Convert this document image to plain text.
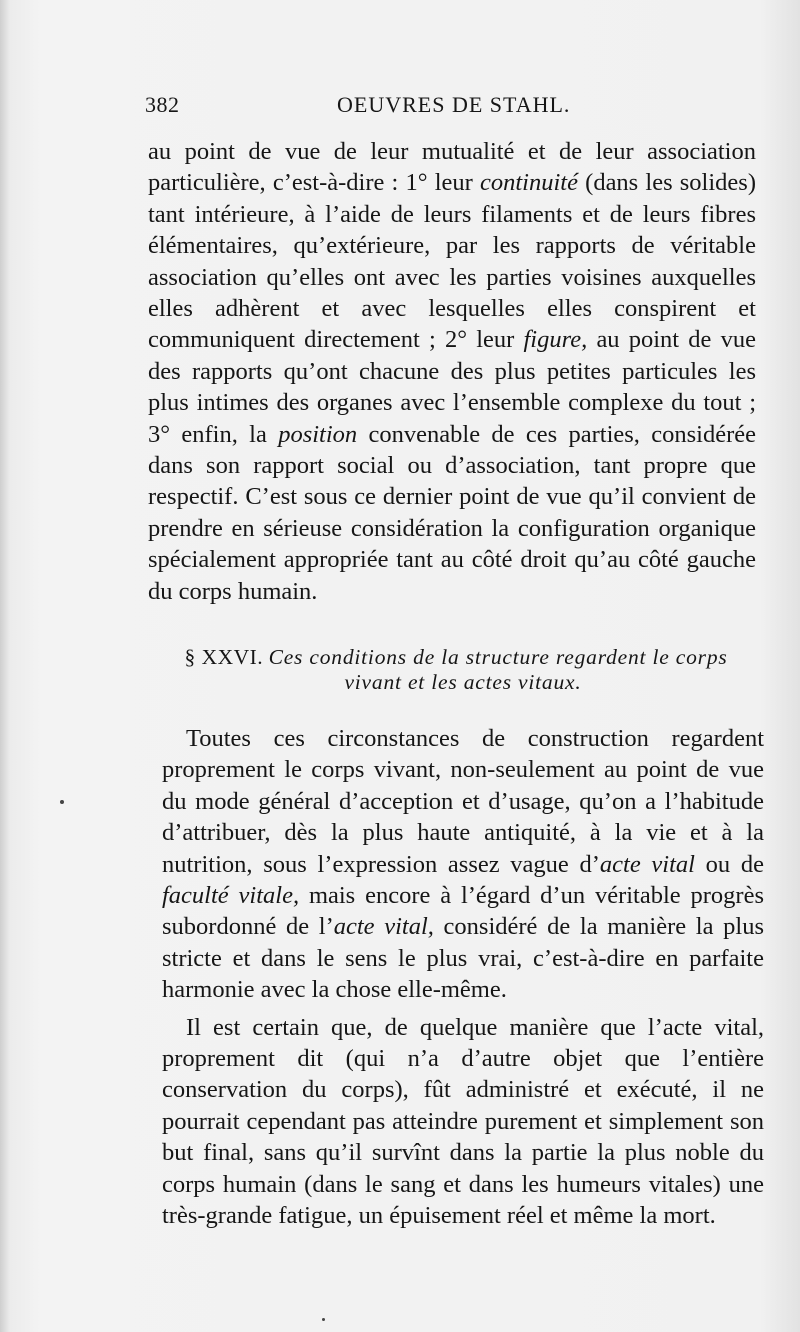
382	OEUVRES DE STAHL.

au point de vue de leur mutualité et de leur association particulière, c’est-à-dire : 1° leur continuité (dans les solides) tant intérieure, à l’aide de leurs filaments et de leurs fibres élémentaires, qu’extérieure, par les rapports de véritable association qu’elles ont avec les parties voisines auxquelles elles adhèrent et avec lesquelles elles conspirent et communiquent directement ; 2° leur figure, au point de vue des rapports qu’ont chacune des plus petites particules les plus intimes des organes avec l’ensemble complexe du tout ; 3° enfin, la position convenable de ces parties, considérée dans son rapport social ou d’association, tant propre que respectif. C’est sous ce dernier point de vue qu’il convient de prendre en sérieuse considération la configuration organique spécialement appropriée tant au côté droit qu’au côté gauche du corps humain.

§ XXVI. Ces conditions de la structure regardent le corps
vivant et les actes vitaux.

Toutes ces circonstances de construction regardent proprement le corps vivant, non-seulement au point de vue du mode général d’acception et d’usage, qu’on a l’habitude d’attribuer, dès la plus haute antiquité, à la vie et à la nutrition, sous l’expression assez vague d’acte vital ou de faculté vitale, mais encore à l’égard d’un véritable progrès subordonné de l’acte vital, considéré de la manière la plus stricte et dans le sens le plus vrai, c’est-à-dire en parfaite harmonie avec la chose elle-même.

Il est certain que, de quelque manière que l’acte vital, proprement dit (qui n’a d’autre objet que l’entière conservation du corps), fût administré et exécuté, il ne pourrait cependant pas atteindre purement et simplement son but final, sans qu’il survînt dans la partie la plus noble du corps humain (dans le sang et dans les humeurs vitales) une très-grande fatigue, un épuisement réel et même la mort.
